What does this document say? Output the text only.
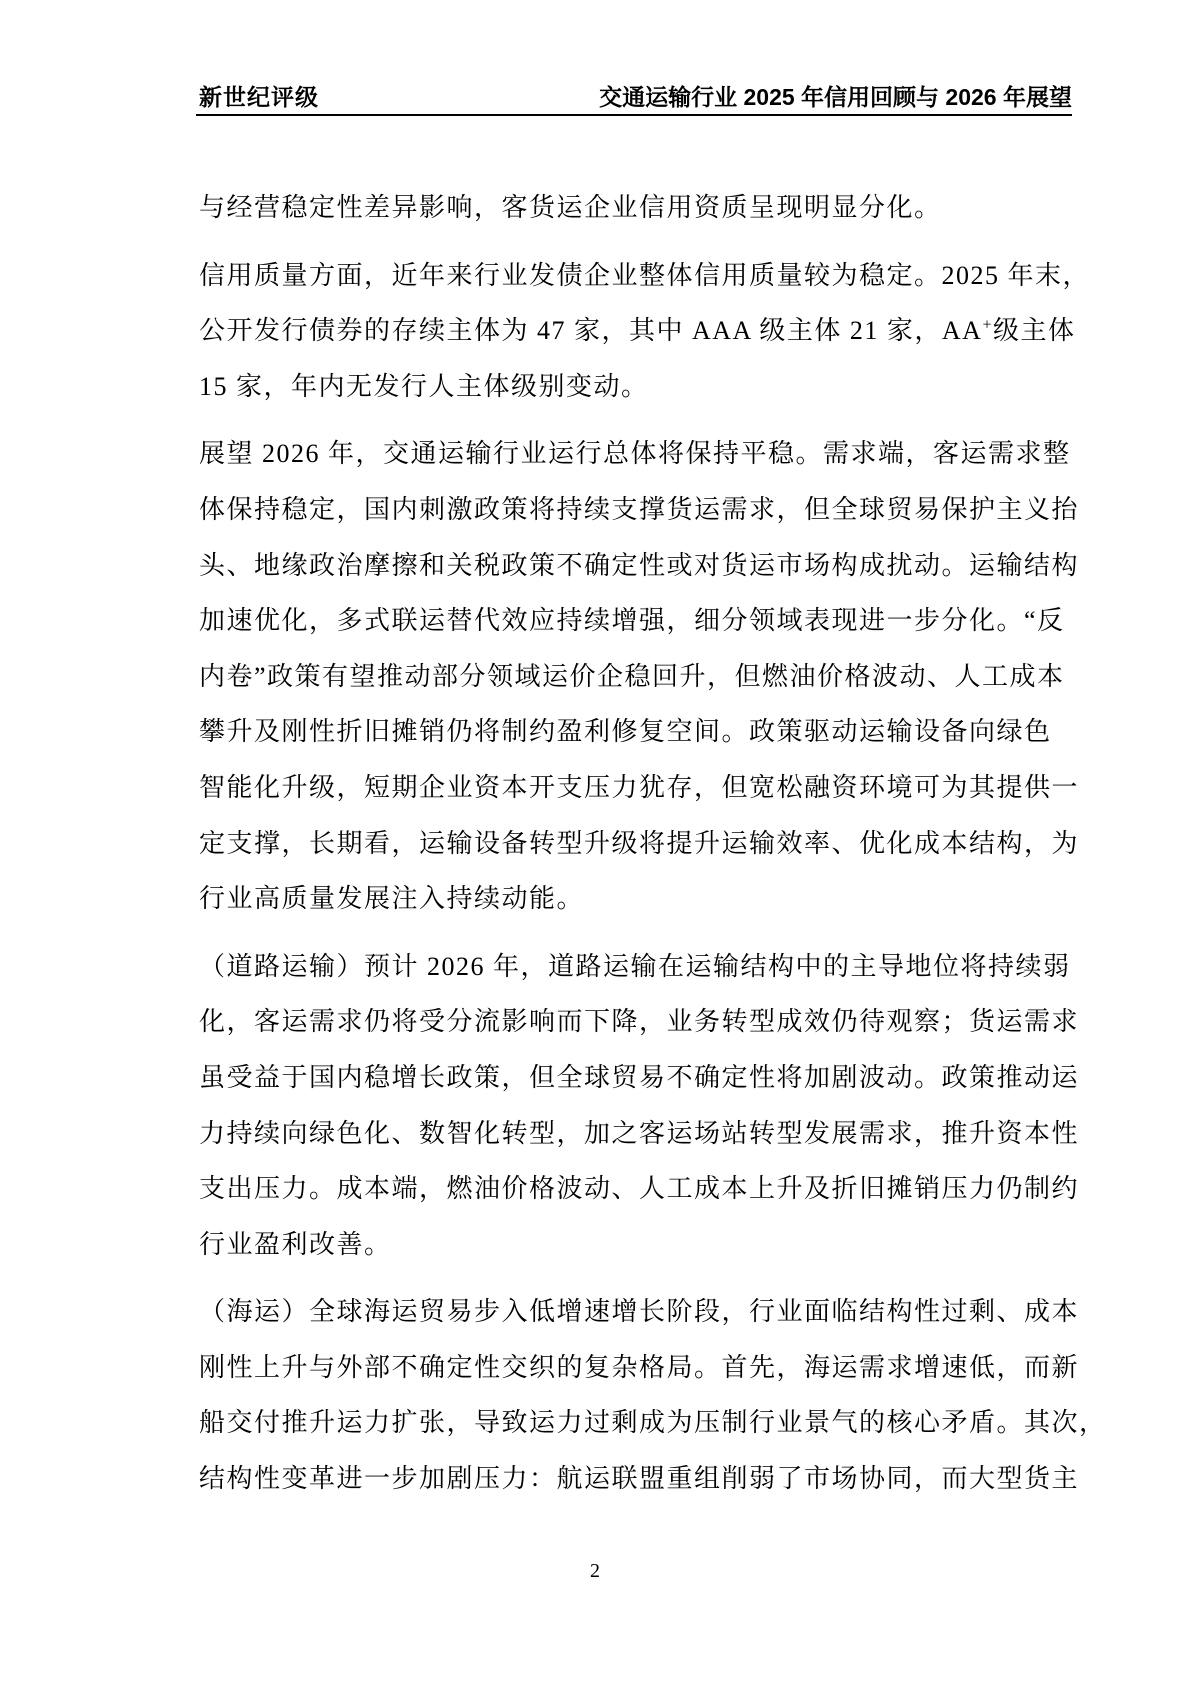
新世纪评级	交通运输行业 2025 年信用回顾与 2026 年展望

与经营稳定性差异影响，客货运企业信用资质呈现明显分化。
信用质量方面，近年来行业发债企业整体信用质量较为稳定。2025 年末，
公开发行债券的存续主体为 47 家，其中 AAA 级主体 21 家，AA+级主体
15 家，年内无发行人主体级别变动。
展望 2026 年，交通运输行业运行总体将保持平稳。需求端，客运需求整
体保持稳定，国内刺激政策将持续支撑货运需求，但全球贸易保护主义抬
头、地缘政治摩擦和关税政策不确定性或对货运市场构成扰动。运输结构
加速优化，多式联运替代效应持续增强，细分领域表现进一步分化。“反
内卷”政策有望推动部分领域运价企稳回升，但燃油价格波动、人工成本
攀升及刚性折旧摊销仍将制约盈利修复空间。政策驱动运输设备向绿色
智能化升级，短期企业资本开支压力犹存，但宽松融资环境可为其提供一
定支撑，长期看，运输设备转型升级将提升运输效率、优化成本结构，为
行业高质量发展注入持续动能。
（道路运输）预计 2026 年，道路运输在运输结构中的主导地位将持续弱
化，客运需求仍将受分流影响而下降，业务转型成效仍待观察；货运需求
虽受益于国内稳增长政策，但全球贸易不确定性将加剧波动。政策推动运
力持续向绿色化、数智化转型，加之客运场站转型发展需求，推升资本性
支出压力。成本端，燃油价格波动、人工成本上升及折旧摊销压力仍制约
行业盈利改善。
（海运）全球海运贸易步入低增速增长阶段，行业面临结构性过剩、成本
刚性上升与外部不确定性交织的复杂格局。首先，海运需求增速低，而新
船交付推升运力扩张，导致运力过剩成为压制行业景气的核心矛盾。其次，
结构性变革进一步加剧压力：航运联盟重组削弱了市场协同，而大型货主
2
